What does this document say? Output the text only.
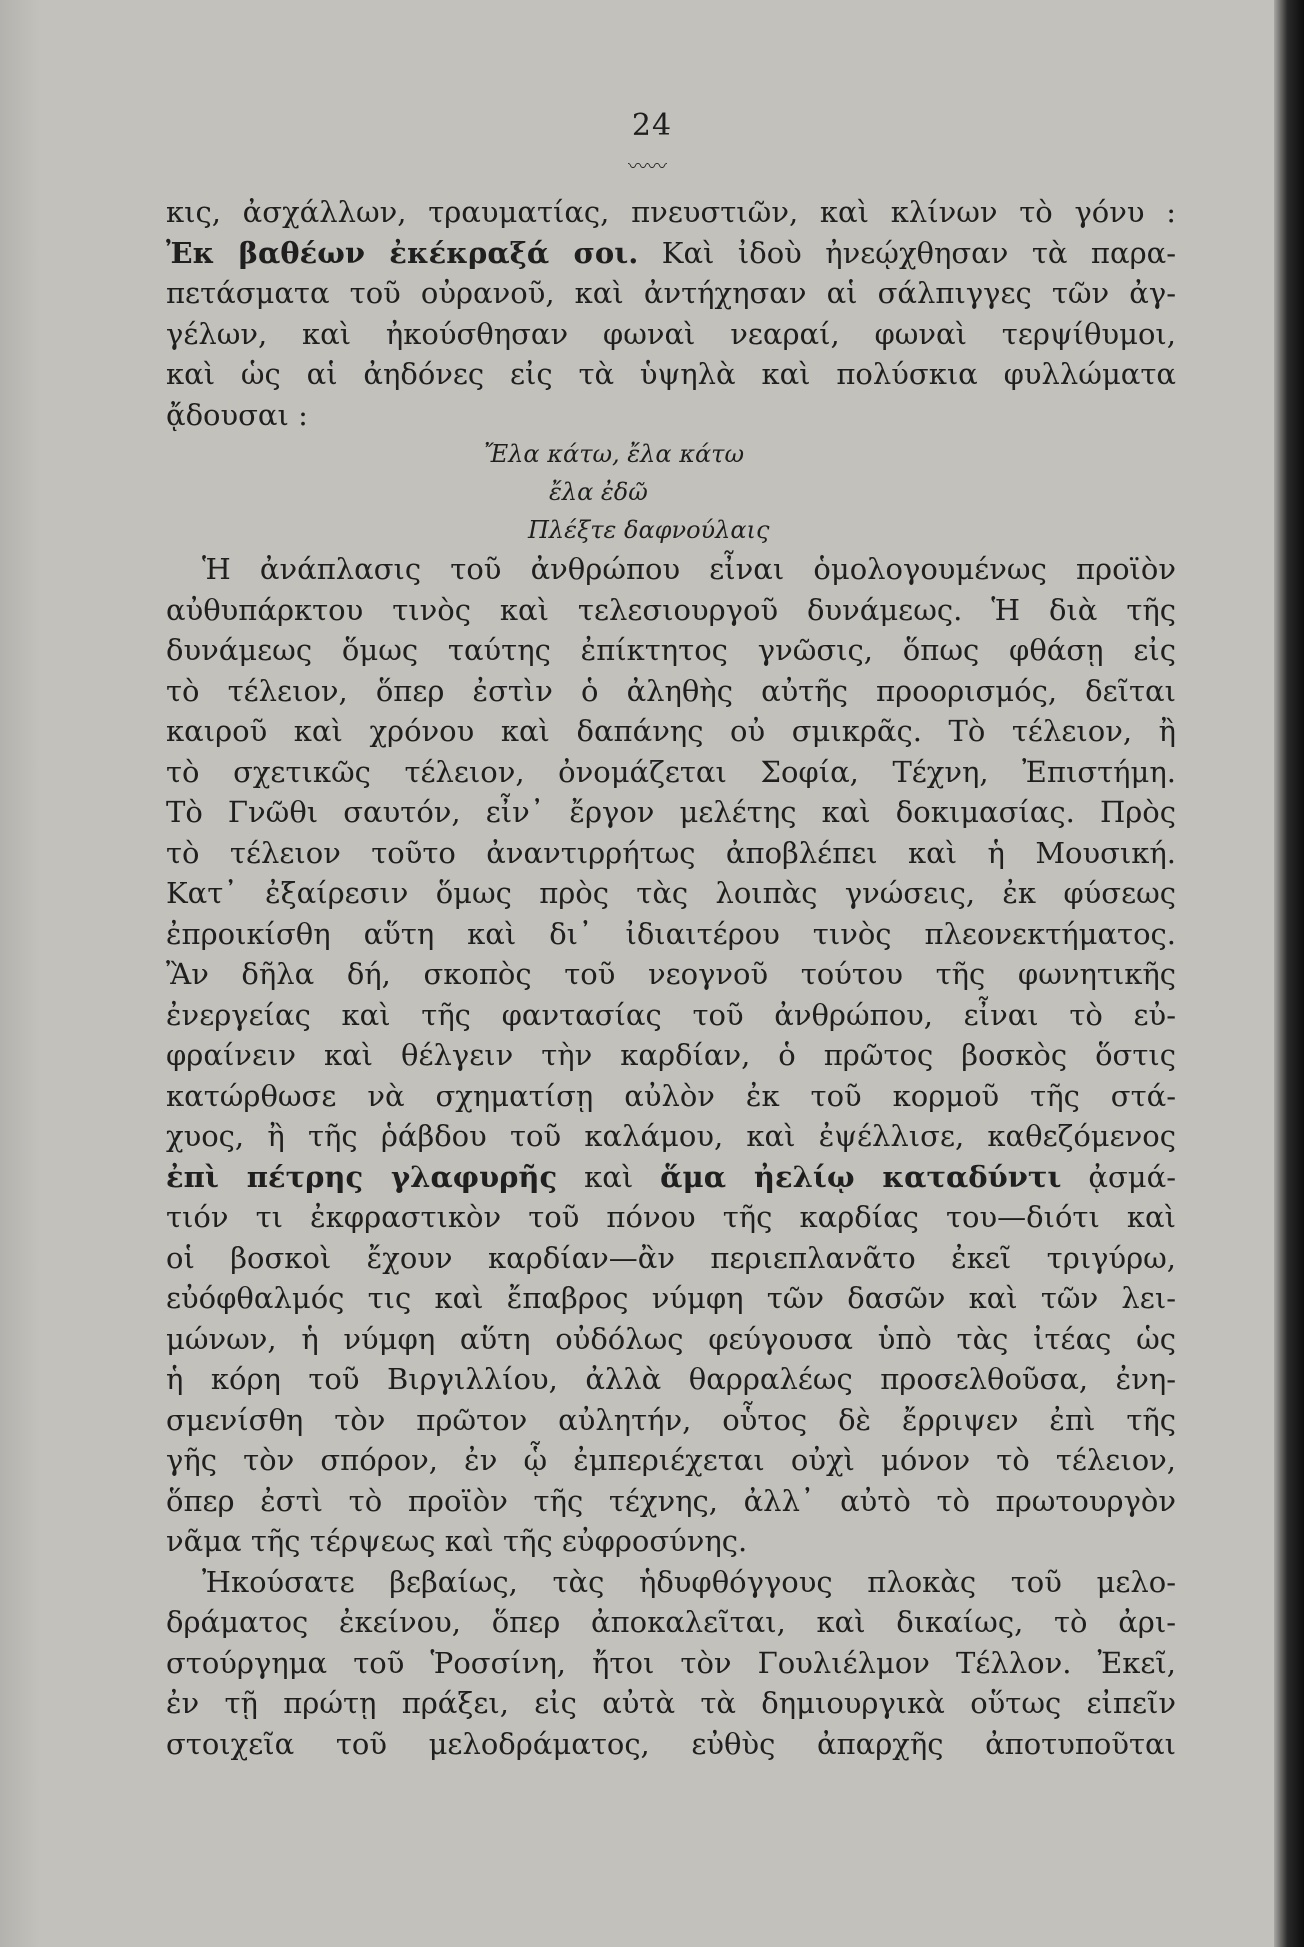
24
〰〰
κις, ἀσχάλλων, τραυματίας, πνευστιῶν, καὶ κλίνων τὸ γόνυ :
Ἐκ βαθέων ἐκέκραξά σοι. Καὶ ἰδοὺ ἠνεῴχθησαν τὰ παρα-
πετάσματα τοῦ οὐρανοῦ, καὶ ἀντήχησαν αἱ σάλπιγγες τῶν ἀγ-
γέλων, καὶ ἠκούσθησαν φωναὶ νεαραί, φωναὶ τερψίθυμοι,
καὶ ὡς αἱ ἀηδόνες εἰς τὰ ὑψηλὰ καὶ πολύσκια φυλλώματα
ᾄδουσαι :
Ἔλα κάτω, ἔλα κάτω
ἔλα ἐδῶ
Πλέξτε δαφνούλαις
Ἡ ἀνάπλασις τοῦ ἀνθρώπου εἶναι ὁμολογουμένως προϊὸν
αὐθυπάρκτου τινὸς καὶ τελεσιουργοῦ δυνάμεως. Ἡ διὰ τῆς
δυνάμεως ὅμως ταύτης ἐπίκτητος γνῶσις, ὅπως φθάσῃ εἰς
τὸ τέλειον, ὅπερ ἐστὶν ὁ ἀληθὴς αὐτῆς προορισμός, δεῖται
καιροῦ καὶ χρόνου καὶ δαπάνης οὐ σμικρᾶς. Τὸ τέλειον, ἢ
τὸ σχετικῶς τέλειον, ὀνομάζεται Σοφία, Τέχνη, Ἐπιστήμη.
Τὸ Γνῶθι σαυτόν, εἶν᾽ ἔργον μελέτης καὶ δοκιμασίας. Πρὸς
τὸ τέλειον τοῦτο ἀναντιρρήτως ἀποβλέπει καὶ ἡ Μουσική.
Κατ᾽ ἐξαίρεσιν ὅμως πρὸς τὰς λοιπὰς γνώσεις, ἐκ φύσεως
ἐπροικίσθη αὕτη καὶ δι᾽ ἰδιαιτέρου τινὸς πλεονεκτήματος.
Ἂν δῆλα δή, σκοπὸς τοῦ νεογνοῦ τούτου τῆς φωνητικῆς
ἐνεργείας καὶ τῆς φαντασίας τοῦ ἀνθρώπου, εἶναι τὸ εὐ-
φραίνειν καὶ θέλγειν τὴν καρδίαν, ὁ πρῶτος βοσκὸς ὅστις
κατώρθωσε νὰ σχηματίσῃ αὐλὸν ἐκ τοῦ κορμοῦ τῆς στά-
χυος, ἢ τῆς ῥάβδου τοῦ καλάμου, καὶ ἐψέλλισε, καθεζόμενος
ἐπὶ πέτρης γλαφυρῆς καὶ ἅμα ἠελίῳ καταδύντι ᾀσμά-
τιόν τι ἐκφραστικὸν τοῦ πόνου τῆς καρδίας του—διότι καὶ
οἱ βοσκοὶ ἔχουν καρδίαν—ἂν περιεπλανᾶτο ἐκεῖ τριγύρω,
εὐόφθαλμός τις καὶ ἔπαβρος νύμφη τῶν δασῶν καὶ τῶν λει-
μώνων, ἡ νύμφη αὕτη οὐδόλως φεύγουσα ὑπὸ τὰς ἰτέας ὡς
ἡ κόρη τοῦ Βιργιλλίου, ἀλλὰ θαρραλέως προσελθοῦσα, ἐνη-
σμενίσθη τὸν πρῶτον αὐλητήν, οὗτος δὲ ἔρριψεν ἐπὶ τῆς
γῆς τὸν σπόρον, ἐν ᾧ ἐμπεριέχεται οὐχὶ μόνον τὸ τέλειον,
ὅπερ ἐστὶ τὸ προϊὸν τῆς τέχνης, ἀλλ᾽ αὐτὸ τὸ πρωτουργὸν
νᾶμα τῆς τέρψεως καὶ τῆς εὐφροσύνης.
Ἠκούσατε βεβαίως, τὰς ἡδυφθόγγους πλοκὰς τοῦ μελο-
δράματος ἐκείνου, ὅπερ ἀποκαλεῖται, καὶ δικαίως, τὸ ἀρι-
στούργημα τοῦ Ῥοσσίνη, ἤτοι τὸν Γουλιέλμον Τέλλον. Ἐκεῖ,
ἐν τῇ πρώτῃ πράξει, εἰς αὐτὰ τὰ δημιουργικὰ οὕτως εἰπεῖν
στοιχεῖα τοῦ μελοδράματος, εὐθὺς ἀπαρχῆς ἀποτυποῦται
